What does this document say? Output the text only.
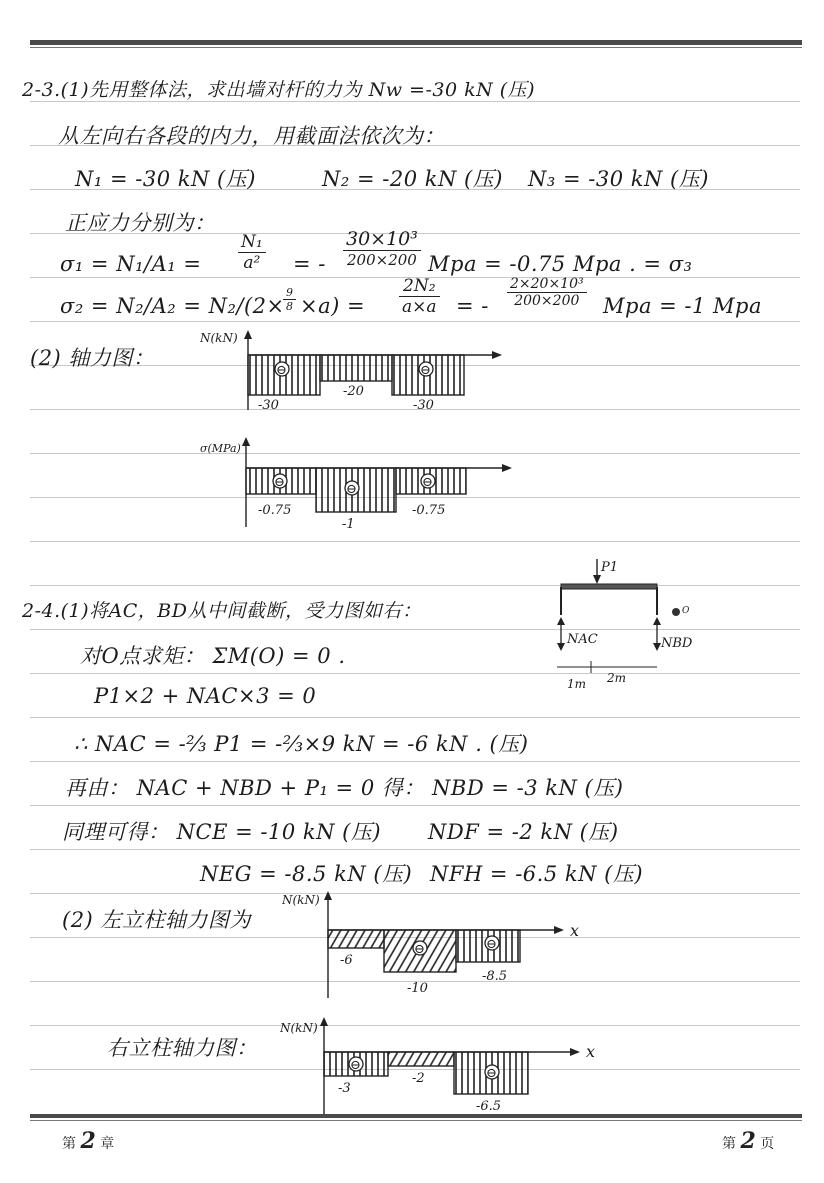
2-3.(1)先用整体法，求出墙对杆的力为 Nw =-30 kN (压)
从左向右各段的内力，用截面法依次为：
N₁ = -30 kN (压)	N₂ = -20 kN (压) N₃ = -30 kN (压)
正应力分别为：
$\sigma_1 = N_1/A_1 = \frac{\text{N₁}}{\text{a²}}$ = -
30×10³
200×200 Mpa = -0.75 Mpa . = σ₃
σ₂ = N₂/A₂ = N₂/(2×
$\frac{9}{8} \times a) = \frac{\text{2N₂}}{a\times a}$ = - $\frac{\text{2×20×10³}}{200\times 200}$ Mpa = -1 Mpa
(2) 轴力图：
N(kN)
⊖	⊖
-30
-20
-30
σ(MPa)
⊖	⊖	⊖
-0.75
-1
-0.75
2-4.(1)将AC，BD从中间截断，受力图如右：
P1
O
NAC	NBD
1m 2m
对O点求矩： ΣM(O) = 0 .
P1×2 + NAC×3 = 0
∴ NAC = -⅔ P1 = -⅔×9 kN = -6 kN . (压)
再由： NAC + NBD + P₁ = 0 得： NBD = -3 kN (压)
同理可得： NCE = -10 kN (压) NDF = -2 kN (压)
NEG = -8.5 kN (压) NFH = -6.5 kN (压)
(2) 左立柱轴力图为
N(kN)
x
⊖	⊖
-6
-10
-8.5
右立柱轴力图：
N(kN)
x
⊖
⊖
-3
-2
-6.5
第 2 章	第 2 页
